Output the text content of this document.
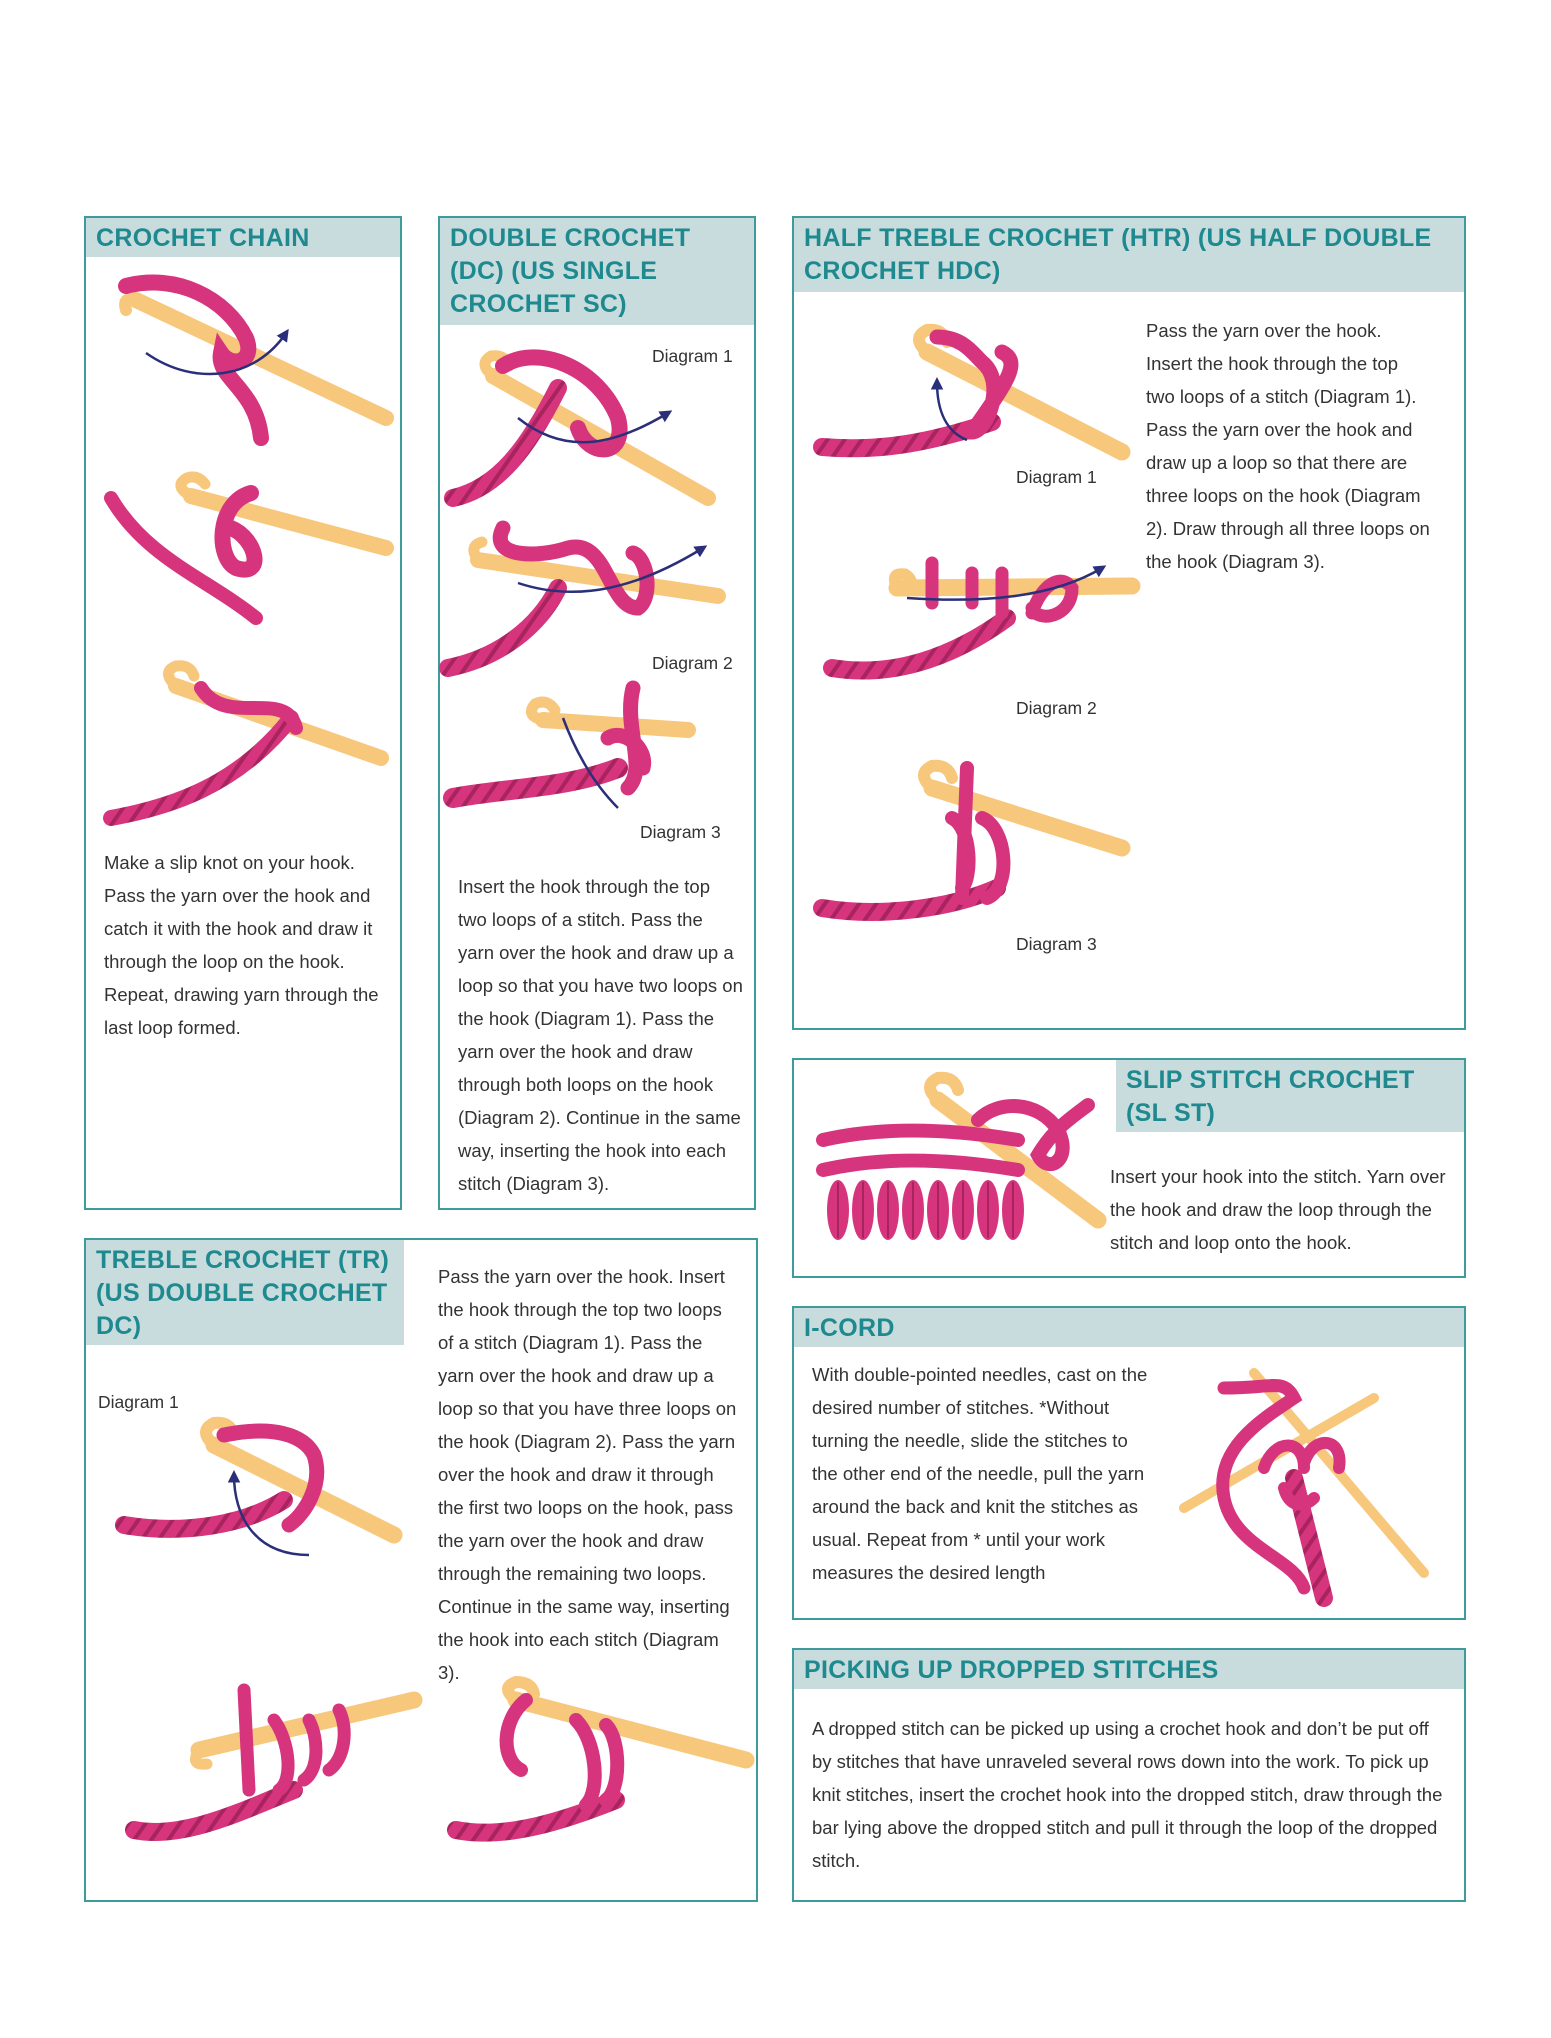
CROCHET CHAIN

Make a slip knot on your hook. Pass the yarn over the hook and catch it with the hook and draw it through the loop on the hook. Repeat, drawing yarn through the last loop formed.

DOUBLE CROCHET (DC) (US SINGLE CROCHET SC)
Diagram 1
Diagram 2
Diagram 3

Insert the hook through the top two loops of a stitch. Pass the yarn over the hook and draw up a loop so that you have two loops on the hook (Diagram 1). Pass the yarn over the hook and draw through both loops on the hook (Diagram 2). Continue in the same way, inserting the hook into each stitch (Diagram 3).

HALF TREBLE CROCHET (HTR) (US HALF DOUBLE CROCHET HDC)
Diagram 1
Diagram 2
Diagram 3

Pass the yarn over the hook. Insert the hook through the top two loops of a stitch (Diagram 1). Pass the yarn over the hook and draw up a loop so that there are three loops on the hook (Diagram 2). Draw through all three loops on the hook (Diagram 3).

SLIP STITCH CROCHET (SL ST)

Insert your hook into the stitch. Yarn over the hook and draw the loop through the stitch and loop onto the hook.

TREBLE CROCHET (TR) (US DOUBLE CROCHET DC)
Diagram 1

Pass the yarn over the hook. Insert the hook through the top two loops of a stitch (Diagram 1). Pass the yarn over the hook and draw up a loop so that you have three loops on the hook (Diagram 2). Pass the yarn over the hook and draw it through the first two loops on the hook, pass the yarn over the hook and draw through the remaining two loops. Continue in the same way, inserting the hook into each stitch (Diagram 3).

I-CORD

With double-pointed needles, cast on the desired number of stitches. *Without turning the needle, slide the stitches to the other end of the needle, pull the yarn around the back and knit the stitches as usual. Repeat from * until your work measures the desired length

PICKING UP DROPPED STITCHES

A dropped stitch can be picked up using a crochet hook and don’t be put off by stitches that have unraveled several rows down into the work. To pick up knit stitches, insert the crochet hook into the dropped stitch, draw through the bar lying above the dropped stitch and pull it through the loop of the dropped stitch.
